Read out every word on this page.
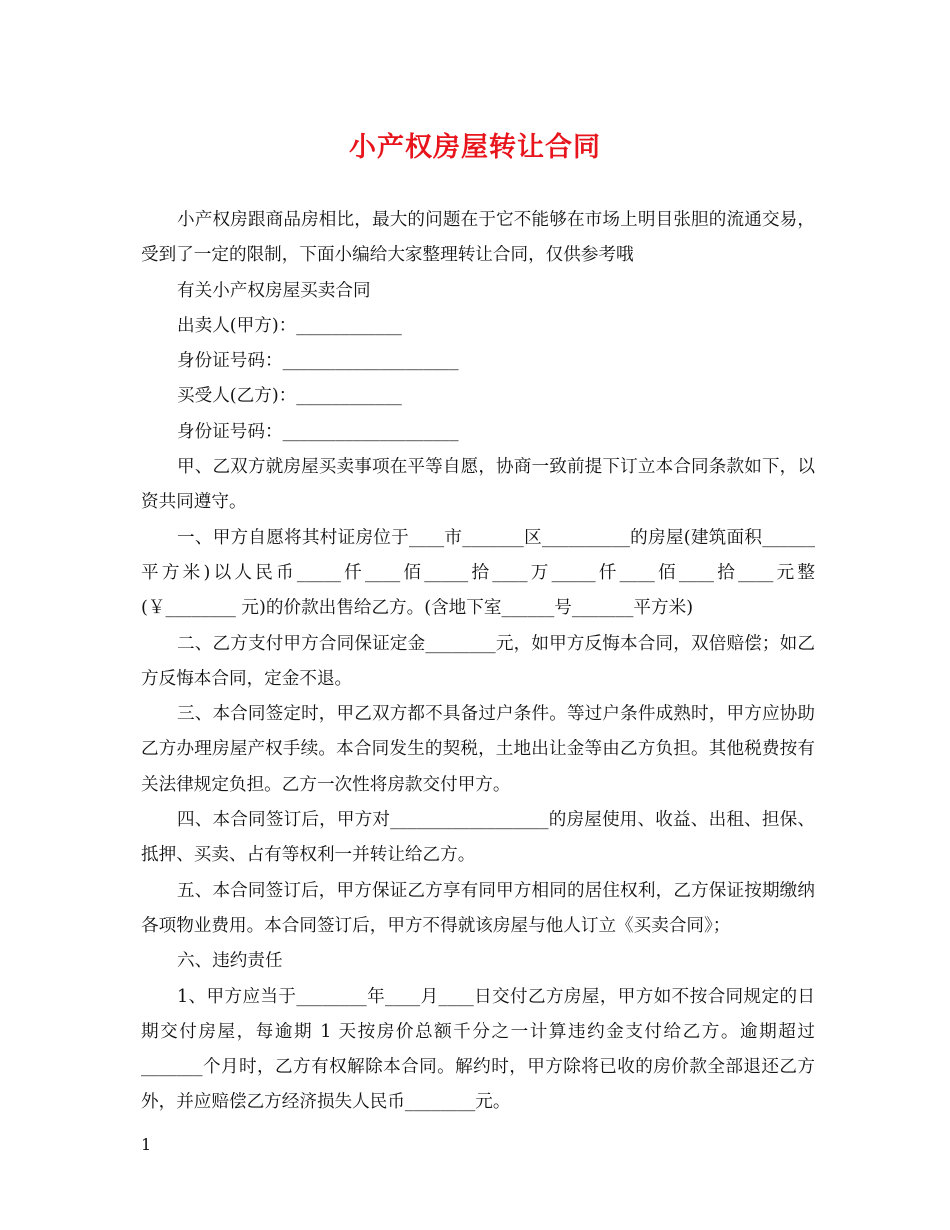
小产权房屋转让合同

小产权房跟商品房相比，最大的问题在于它不能够在市场上明目张胆的流通交易，受到了一定的限制，下面小编给大家整理转让合同，仅供参考哦

有关小产权房屋买卖合同

出卖人(甲方)：____________

身份证号码：____________________

买受人(乙方)：____________

身份证号码：____________________

甲、乙双方就房屋买卖事项在平等自愿，协商一致前提下订立本合同条款如下，以资共同遵守。

一、甲方自愿将其村证房位于____市_______区__________的房屋(建筑面积______平方米)以人民币_____仟____佰_____拾____万_____仟____佰____拾____元整(￥________ 元)的价款出售给乙方。(含地下室______号_______平方米)

二、乙方支付甲方合同保证定金________元，如甲方反悔本合同，双倍赔偿；如乙方反悔本合同，定金不退。

三、本合同签定时，甲乙双方都不具备过户条件。等过户条件成熟时，甲方应协助乙方办理房屋产权手续。本合同发生的契税，土地出让金等由乙方负担。其他税费按有关法律规定负担。乙方一次性将房款交付甲方。

四、本合同签订后，甲方对__________________的房屋使用、收益、出租、担保、抵押、买卖、占有等权利一并转让给乙方。

五、本合同签订后，甲方保证乙方享有同甲方相同的居住权利，乙方保证按期缴纳各项物业费用。本合同签订后，甲方不得就该房屋与他人订立《买卖合同》；

六、违约责任

1、甲方应当于________年____月____日交付乙方房屋，甲方如不按合同规定的日期交付房屋，每逾期 1 天按房价总额千分之一计算违约金支付给乙方。逾期超过_______个月时，乙方有权解除本合同。解约时，甲方除将已收的房价款全部退还乙方外，并应赔偿乙方经济损失人民币________元。

1
